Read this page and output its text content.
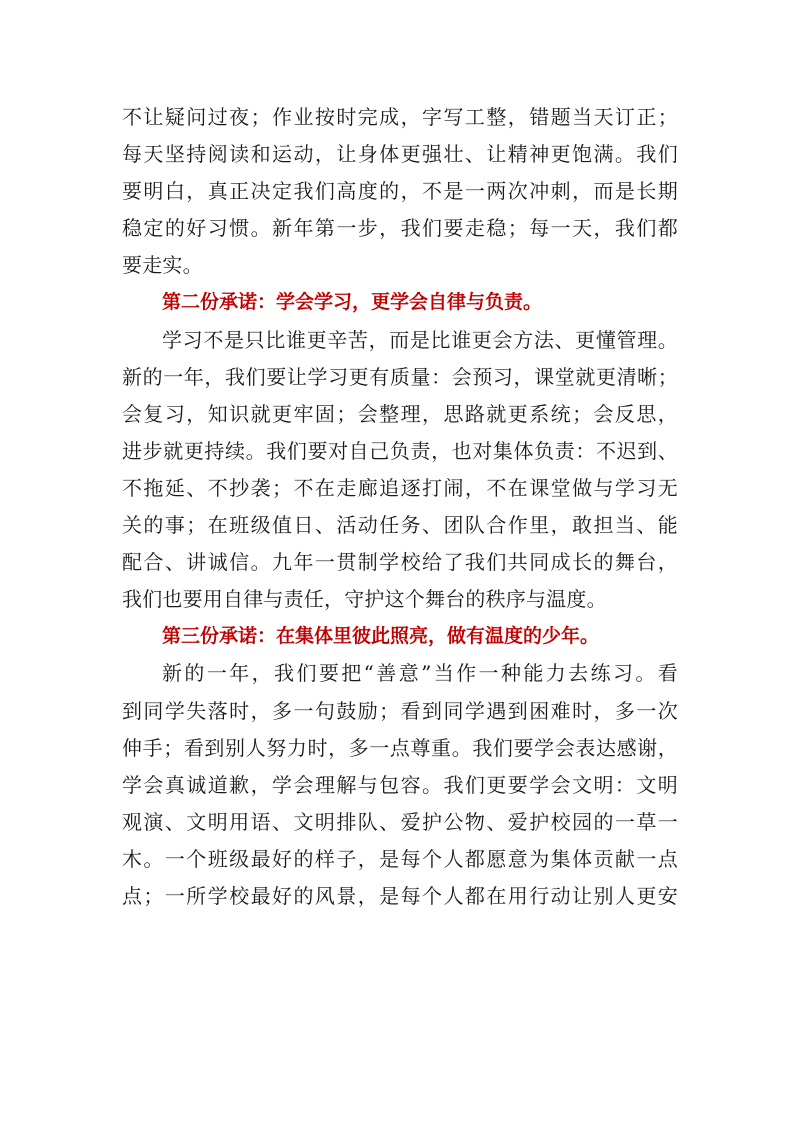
不让疑问过夜；作业按时完成，字写工整，错题当天订正；
每天坚持阅读和运动，让身体更强壮、让精神更饱满。我们
要明白，真正决定我们高度的，不是一两次冲刺，而是长期
稳定的好习惯。新年第一步，我们要走稳；每一天，我们都
要走实。
第二份承诺：学会学习，更学会自律与负责。
学习不是只比谁更辛苦，而是比谁更会方法、更懂管理。
新的一年，我们要让学习更有质量：会预习，课堂就更清晰；
会复习，知识就更牢固；会整理，思路就更系统；会反思，
进步就更持续。我们要对自己负责，也对集体负责：不迟到、
不拖延、不抄袭；不在走廊追逐打闹，不在课堂做与学习无
关的事；在班级值日、活动任务、团队合作里，敢担当、能
配合、讲诚信。九年一贯制学校给了我们共同成长的舞台，
我们也要用自律与责任，守护这个舞台的秩序与温度。
第三份承诺：在集体里彼此照亮，做有温度的少年。
新的一年，我们要把“善意”当作一种能力去练习。看
到同学失落时，多一句鼓励；看到同学遇到困难时，多一次
伸手；看到别人努力时，多一点尊重。我们要学会表达感谢，
学会真诚道歉，学会理解与包容。我们更要学会文明：文明
观演、文明用语、文明排队、爱护公物、爱护校园的一草一
木。一个班级最好的样子，是每个人都愿意为集体贡献一点
点；一所学校最好的风景，是每个人都在用行动让别人更安
